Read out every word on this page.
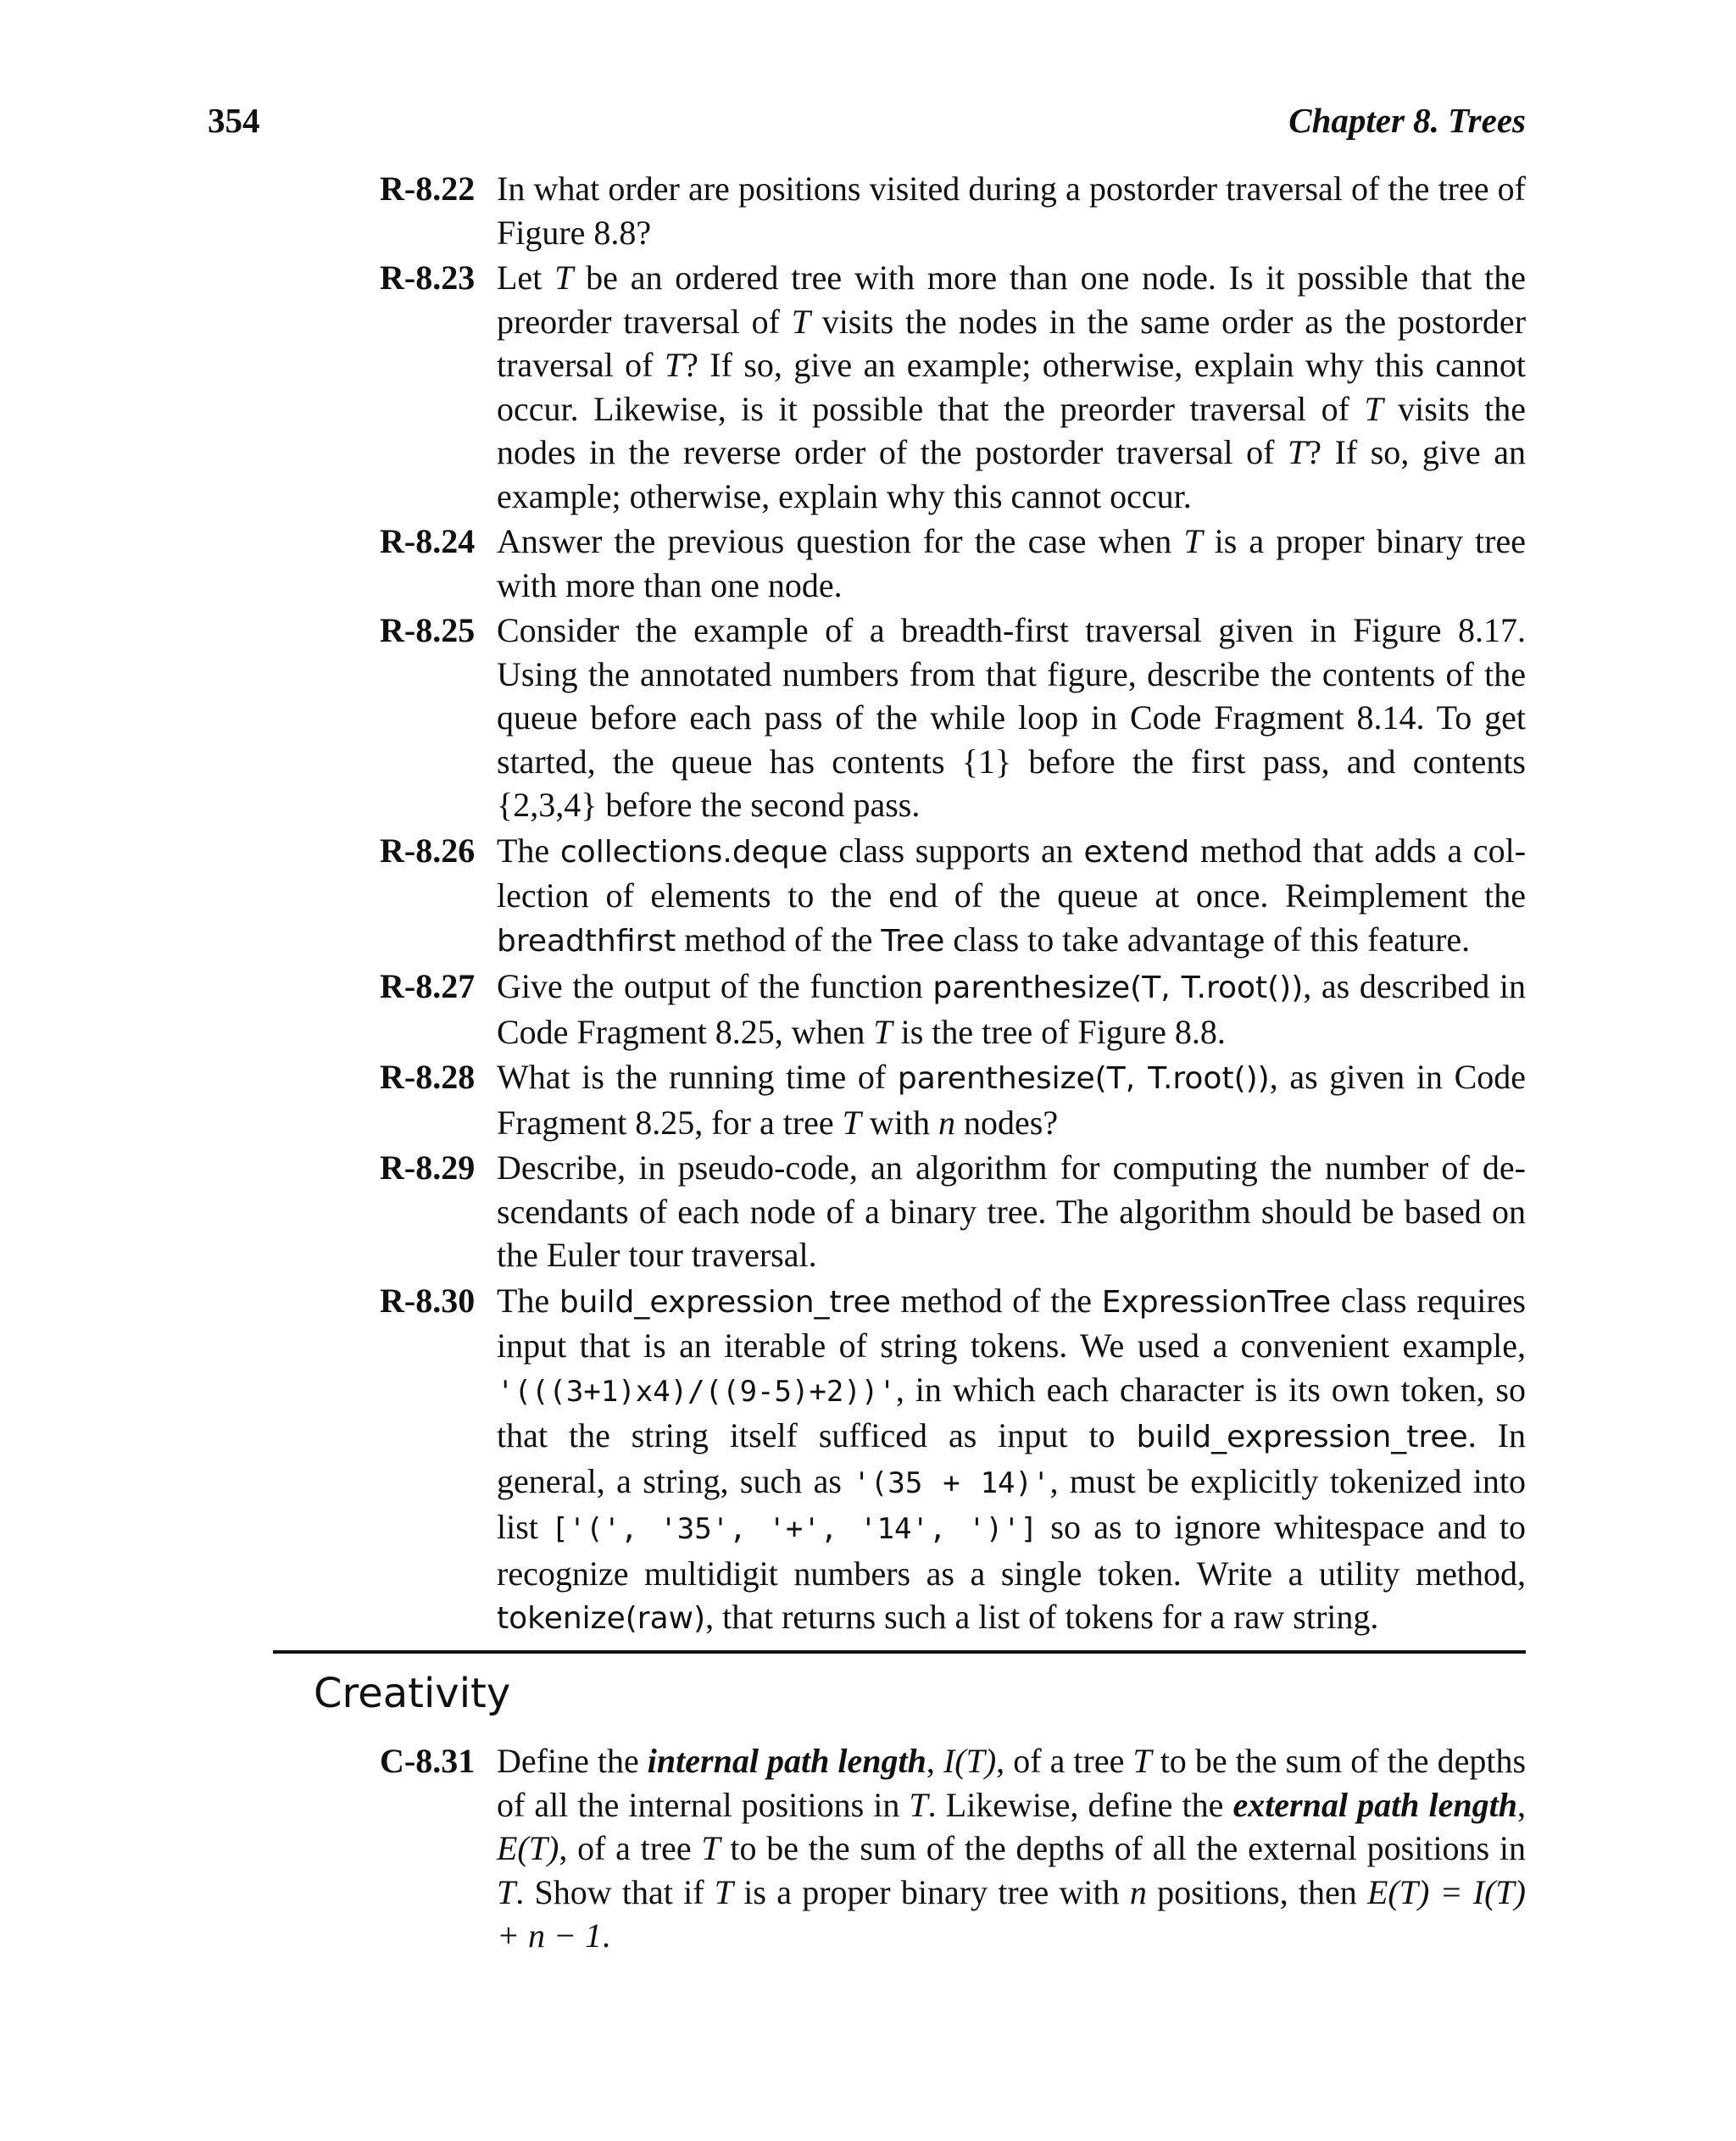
354	Chapter 8. Trees
R-8.22 In what order are positions visited during a postorder traversal of the tree of Figure 8.8?
R-8.23 Let T be an ordered tree with more than one node. Is it possible that the preorder traversal of T visits the nodes in the same order as the postorder traversal of T? If so, give an example; otherwise, explain why this cannot occur. Likewise, is it possible that the preorder traversal of T visits the nodes in the reverse order of the postorder traversal of T? If so, give an example; otherwise, explain why this cannot occur.
R-8.24 Answer the previous question for the case when T is a proper binary tree with more than one node.
R-8.25 Consider the example of a breadth-first traversal given in Figure 8.17. Using the annotated numbers from that figure, describe the contents of the queue before each pass of the while loop in Code Fragment 8.14. To get started, the queue has contents {1} before the first pass, and contents {2,3,4} before the second pass.
R-8.26 The collections.deque class supports an extend method that adds a collection of elements to the end of the queue at once. Reimplement the breadthfirst method of the Tree class to take advantage of this feature.
R-8.27 Give the output of the function parenthesize(T, T.root()), as described in Code Fragment 8.25, when T is the tree of Figure 8.8.
R-8.28 What is the running time of parenthesize(T, T.root()), as given in Code Fragment 8.25, for a tree T with n nodes?
R-8.29 Describe, in pseudo-code, an algorithm for computing the number of descendants of each node of a binary tree. The algorithm should be based on the Euler tour traversal.
R-8.30 The build_expression_tree method of the ExpressionTree class requires input that is an iterable of string tokens. We used a convenient example, '(((3+1)x4)/((9-5)+2))', in which each character is its own token, so that the string itself sufficed as input to build_expression_tree. In general, a string, such as '(35 + 14)', must be explicitly tokenized into list ['(', '35', '+', '14', ')'] so as to ignore whitespace and to recognize multidigit numbers as a single token. Write a utility method, tokenize(raw), that returns such a list of tokens for a raw string.
Creativity
C-8.31 Define the internal path length, I(T), of a tree T to be the sum of the depths of all the internal positions in T. Likewise, define the external path length, E(T), of a tree T to be the sum of the depths of all the external positions in T. Show that if T is a proper binary tree with n positions, then E(T) = I(T) + n − 1.
